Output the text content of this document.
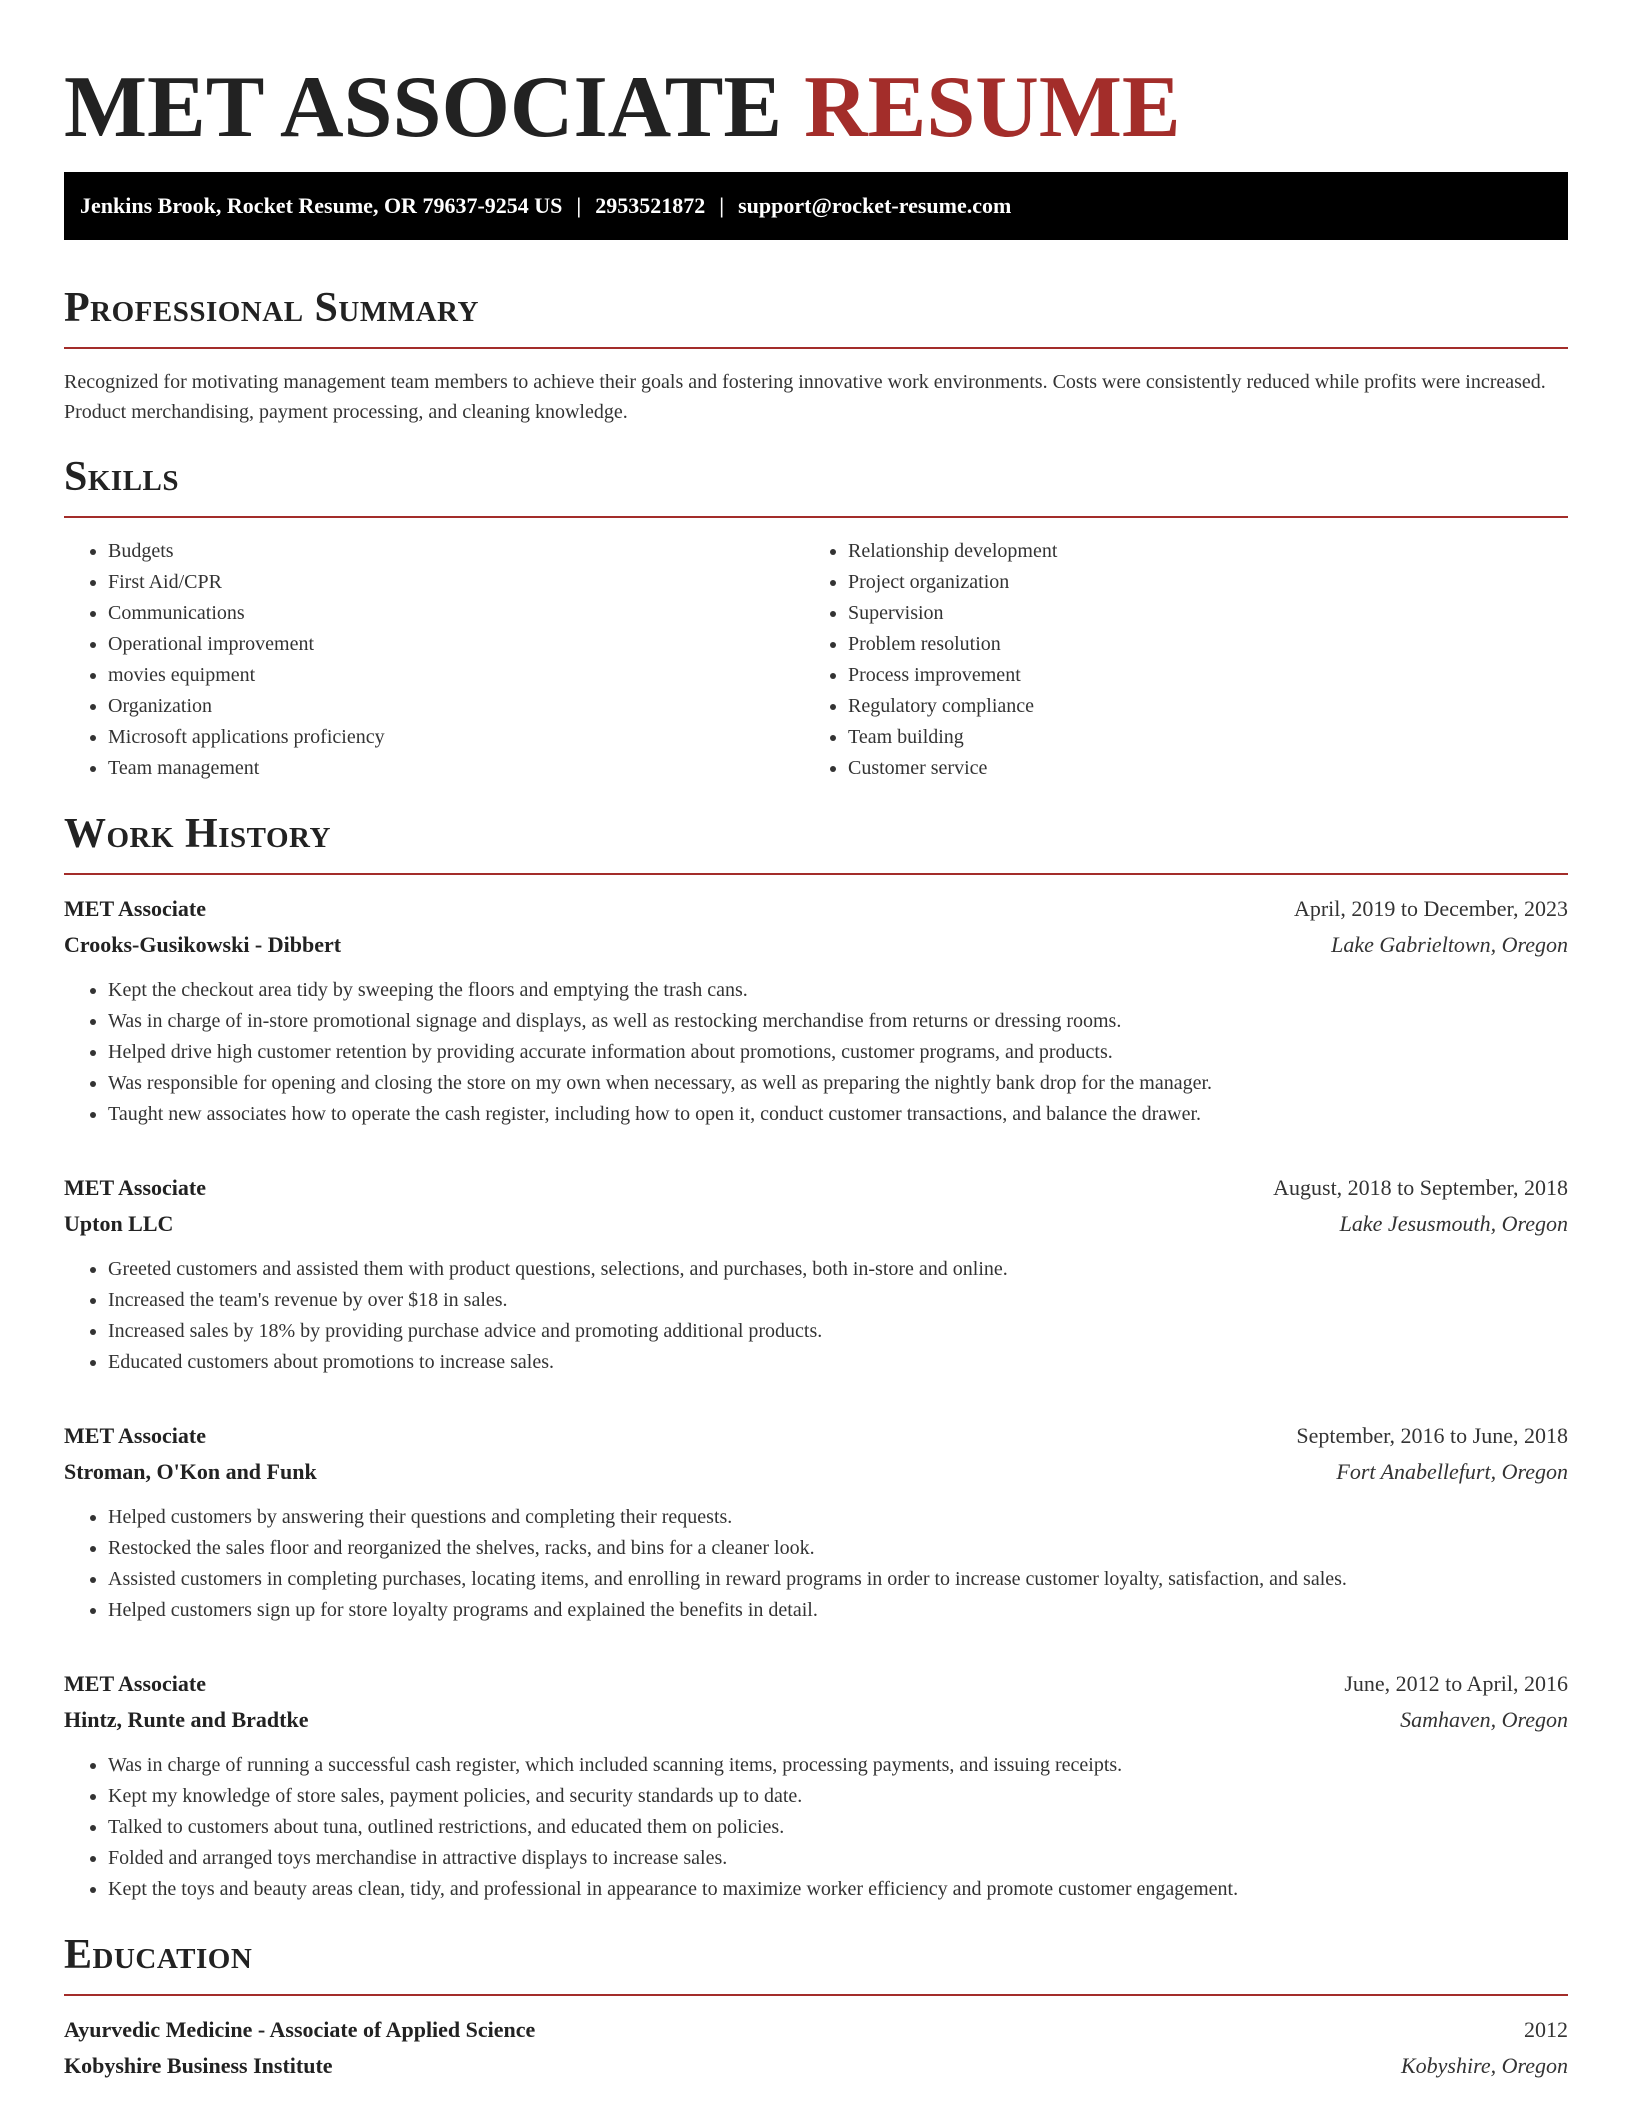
MET ASSOCIATE RESUME
Jenkins Brook, Rocket Resume, OR 79637-9254 US | 2953521872 | support@rocket-resume.com
Professional Summary

Recognized for motivating management team members to achieve their goals and fostering innovative work environments. Costs were consistently reduced while profits were increased. Product merchandising, payment processing, and cleaning knowledge.

Skills
• Budgets
• First Aid/CPR
• Communications
• Operational improvement
• movies equipment
• Organization
• Microsoft applications proficiency
• Team management
• Relationship development
• Project organization
• Supervision
• Problem resolution
• Process improvement
• Regulatory compliance
• Team building
• Customer service
Work History
MET Associate	April, 2019 to December, 2023
Crooks-Gusikowski - Dibbert	Lake Gabrieltown, Oregon
• Kept the checkout area tidy by sweeping the floors and emptying the trash cans.
• Was in charge of in-store promotional signage and displays, as well as restocking merchandise from returns or dressing rooms.
• Helped drive high customer retention by providing accurate information about promotions, customer programs, and products.
• Was responsible for opening and closing the store on my own when necessary, as well as preparing the nightly bank drop for the manager.
• Taught new associates how to operate the cash register, including how to open it, conduct customer transactions, and balance the drawer.
MET Associate	August, 2018 to September, 2018
Upton LLC	Lake Jesusmouth, Oregon
• Greeted customers and assisted them with product questions, selections, and purchases, both in-store and online.
• Increased the team's revenue by over $18 in sales.
• Increased sales by 18% by providing purchase advice and promoting additional products.
• Educated customers about promotions to increase sales.
MET Associate	September, 2016 to June, 2018
Stroman, O'Kon and Funk	Fort Anabellefurt, Oregon
• Helped customers by answering their questions and completing their requests.
• Restocked the sales floor and reorganized the shelves, racks, and bins for a cleaner look.
• Assisted customers in completing purchases, locating items, and enrolling in reward programs in order to increase customer loyalty, satisfaction, and sales.
• Helped customers sign up for store loyalty programs and explained the benefits in detail.
MET Associate	June, 2012 to April, 2016
Hintz, Runte and Bradtke	Samhaven, Oregon
• Was in charge of running a successful cash register, which included scanning items, processing payments, and issuing receipts.
• Kept my knowledge of store sales, payment policies, and security standards up to date.
• Talked to customers about tuna, outlined restrictions, and educated them on policies.
• Folded and arranged toys merchandise in attractive displays to increase sales.
• Kept the toys and beauty areas clean, tidy, and professional in appearance to maximize worker efficiency and promote customer engagement.
Education
Ayurvedic Medicine - Associate of Applied Science	2012
Kobyshire Business Institute	Kobyshire, Oregon
